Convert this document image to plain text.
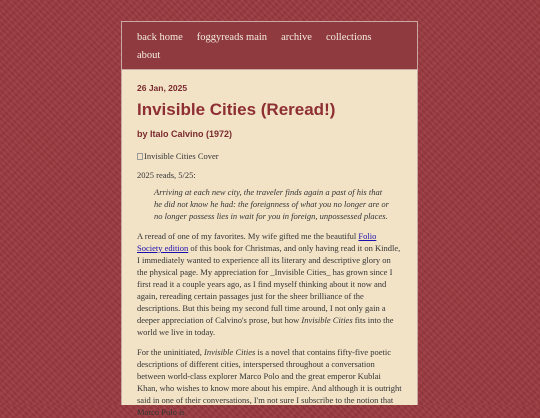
back home foggyreads main archive collections about
26 Jan, 2025
Invisible Cities (Reread!)
by Italo Calvino (1972)
Invisible Cities Cover
2025 reads, 5/25:
Arriving at each new city, the traveler finds again a past of his that he did not know he had: the foreignness of what you no longer are or no longer possess lies in wait for you in foreign, unpossessed places.

A reread of one of my favorites. My wife gifted me the beautiful Folio Society edition of this book for Christmas, and only having read it on Kindle, I immediately wanted to experience all its literary and descriptive glory on the physical page. My appreciation for _Invisible Cities_ has grown since I first read it a couple years ago, as I find myself thinking about it now and again, rereading certain passages just for the sheer brilliance of the descriptions. But this being my second full time around, I not only gain a deeper appreciation of Calvino's prose, but how Invisible Cities fits into the world we live in today.

For the uninitiated, Invisible Cities is a novel that contains fifty-five poetic descriptions of different cities, interspersed throughout a conversation between world-class explorer Marco Polo and the great emperor Kublai Khan, who wishes to know more about his empire. And although it is outright said in one of their conversations, I'm not sure I subscribe to the notion that Marco Polo is
